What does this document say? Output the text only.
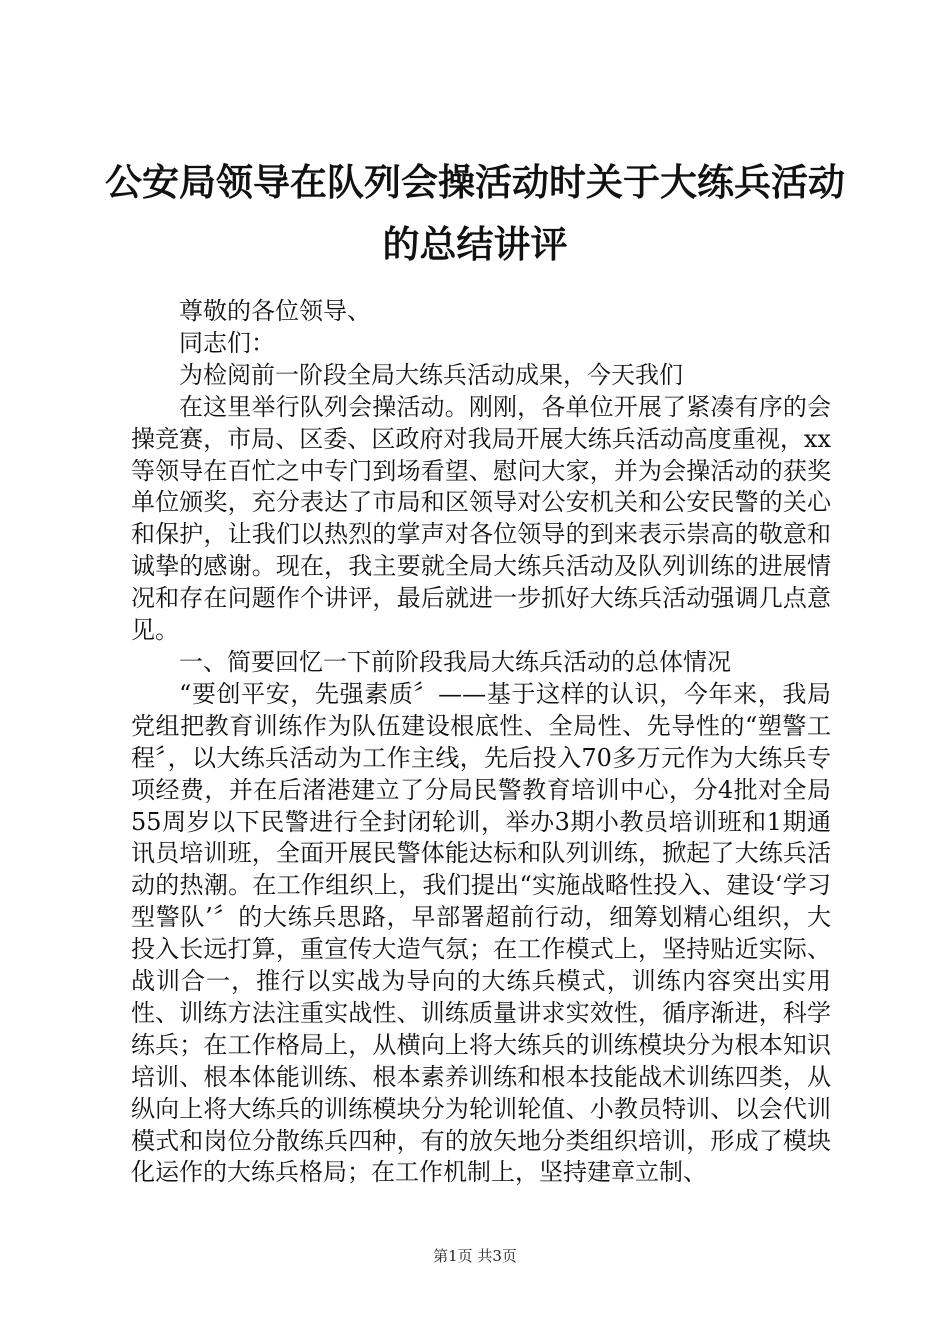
公安局领导在队列会操活动时关于大练兵活动
的总结讲评

尊敬的各位领导、

同志们：

为检阅前一阶段全局大练兵活动成果，今天我们

在这里举行队列会操活动。刚刚，各单位开展了紧凑有序的会操竞赛，市局、区委、区政府对我局开展大练兵活动高度重视，xx等领导在百忙之中专门到场看望、慰问大家，并为会操活动的获奖单位颁奖，充分表达了市局和区领导对公安机关和公安民警的关心和保护，让我们以热烈的掌声对各位领导的到来表示崇高的敬意和诚挚的感谢。现在，我主要就全局大练兵活动及队列训练的进展情况和存在问题作个讲评，最后就进一步抓好大练兵活动强调几点意见。

一、简要回忆一下前阶段我局大练兵活动的总体情况

“要创平安，先强素质〞——基于这样的认识，今年来，我局党组把教育训练作为队伍建设根底性、全局性、先导性的“塑警工程〞，以大练兵活动为工作主线，先后投入70多万元作为大练兵专项经费，并在后渚港建立了分局民警教育培训中心，分4批对全局55周岁以下民警进行全封闭轮训，举办3期小教员培训班和1期通讯员培训班，全面开展民警体能达标和队列训练，掀起了大练兵活动的热潮。在工作组织上，我们提出“实施战略性投入、建设‘学习型警队’〞的大练兵思路，早部署超前行动，细筹划精心组织，大投入长远打算，重宣传大造气氛；在工作模式上，坚持贴近实际、战训合一，推行以实战为导向的大练兵模式，训练内容突出实用性、训练方法注重实战性、训练质量讲求实效性，循序渐进，科学练兵；在工作格局上，从横向上将大练兵的训练模块分为根本知识培训、根本体能训练、根本素养训练和根本技能战术训练四类，从纵向上将大练兵的训练模块分为轮训轮值、小教员特训、以会代训模式和岗位分散练兵四种，有的放矢地分类组织培训，形成了模块化运作的大练兵格局；在工作机制上，坚持建章立制、

第1页 共3页
